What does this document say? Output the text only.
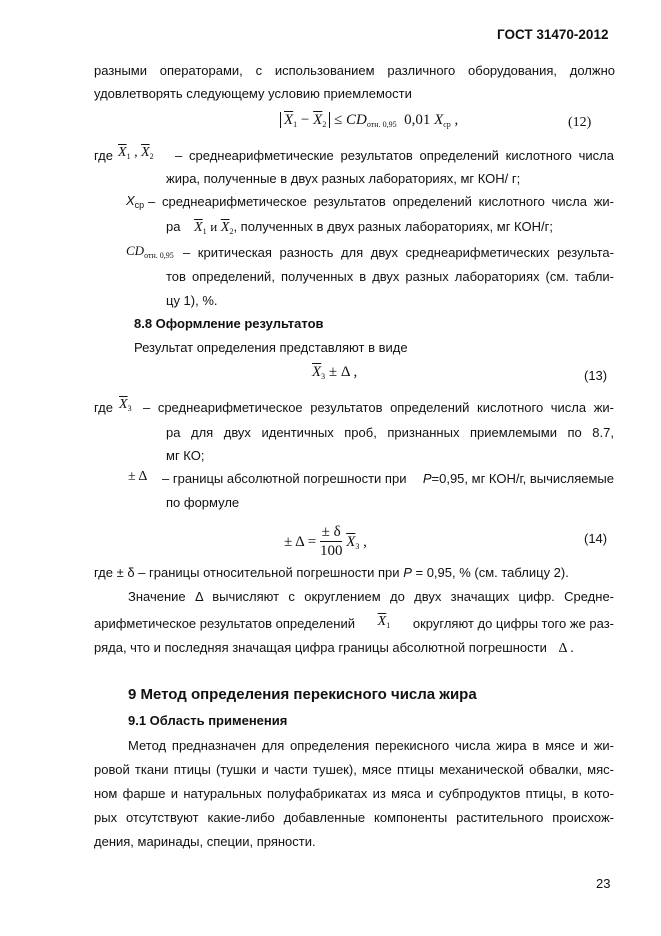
ГОСТ 31470-2012
разными операторами, с использованием различного оборудования, должно
удовлетворять следующему условию приемлемости
$\overline{X}_1 - \overline{X}_2 \le CD_{отн. 0,95}$ 0,01 $X_{ср}$ ,	(12)
где $\overline{X}_1$ , $\overline{X}_2$ – среднеарифметические результатов определений кислотного числа
жира, полученные в двух разных лабораториях, мг КОН/ г;
$X_{ср}$ – среднеарифметическое результатов определений кислотного числа жи-
ра $\overline{X}_1$ и $\overline{X}_2$, полученных в двух разных лабораториях, мг КОН/г;
$CD_{отн. 0,95}$ – критическая разность для двух среднеарифметических результа-
тов определений, полученных в двух разных лабораториях (см. табли-
цу 1), %.
8.8 Оформление результатов
Результат определения представляют в виде
$\overline{X}_3 \pm \Delta$ ,	(13)
где $\overline{X}_3$ – среднеарифметическое результатов определений кислотного числа жи-
ра для двух идентичных проб, признанных приемлемыми по 8.7,
мг КО;
± Δ – границы абсолютной погрешности при P=0,95, мг КОН/г, вычисляемые
по формуле
± $\Delta = \frac{\pm \delta}{100} \overline{X}_3$ ,	(14)
где ± δ – границы относительной погрешности при P = 0,95, % (см. таблицу 2).
Значение Δ вычисляют с округлением до двух значащих цифр. Средне-
арифметическое результатов определений $\overline{X}_1$ округляют до цифры того же раз-
ряда, что и последняя значащая цифра границы абсолютной погрешности Δ .
9 Метод определения перекисного числа жира
9.1 Область применения
Метод предназначен для определения перекисного числа жира в мясе и жи-
ровой ткани птицы (тушки и части тушек), мясе птицы механической обвалки, мяс-
ном фарше и натуральных полуфабрикатах из мяса и субпродуктов птицы, в кото-
рых отсутствуют какие-либо добавленные компоненты растительного происхож-
дения, маринады, специи, пряности.
23
